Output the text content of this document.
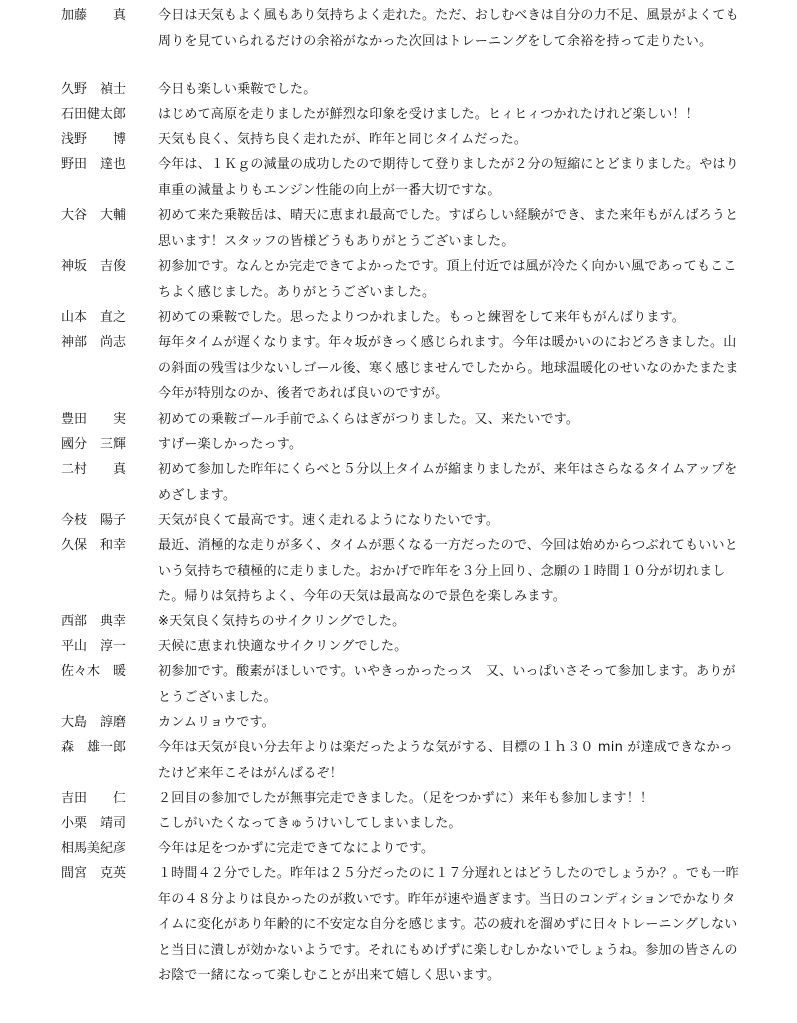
加藤　　真	今日は天気もよく風もあり気持ちよく走れた。ただ、おしむべきは自分の力不足、風景がよくても周りを見ていられるだけの余裕がなかった次回はトレーニングをして余裕を持って走りたい。

久野　禎士	今日も楽しい乗鞍でした。

石田健太郎	はじめて高原を走りましたが鮮烈な印象を受けました。ヒィヒィつかれたけれど楽しい！！

浅野　　博	天気も良く、気持ち良く走れたが、昨年と同じタイムだった。

野田　達也	今年は、１Ｋｇの減量の成功したので期待して登りましたが２分の短縮にとどまりました。やはり車重の減量よりもエンジン性能の向上が一番大切ですな。

大谷　大輔	初めて来た乗鞍岳は、晴天に恵まれ最高でした。すばらしい経験ができ、また来年もがんばろうと思います！スタッフの皆様どうもありがとうございました。

神坂　吉俊	初参加です。なんとか完走できてよかったです。頂上付近では風が冷たく向かい風であってもここちよく感じました。ありがとうございました。

山本　直之	初めての乗鞍でした。思ったよりつかれました。もっと練習をして来年もがんばります。

神部　尚志	毎年タイムが遅くなります。年々坂がきっく感じられます。今年は暖かいのにおどろきました。山の斜面の残雪は少ないしゴール後、寒く感じませんでしたから。地球温暖化のせいなのかたまたま今年が特別なのか、後者であれば良いのですが。

豊田　　実	初めての乗鞍ゴール手前でふくらはぎがつりました。又、来たいです。

國分　三輝	すげー楽しかったっす。

二村　　真	初めて参加した昨年にくらべと５分以上タイムが縮まりましたが、来年はさらなるタイムアップをめざします。

今枝　陽子	天気が良くて最高です。速く走れるようになりたいです。

久保　和幸	最近、消極的な走りが多く、タイムが悪くなる一方だったので、今回は始めからつぶれてもいいという気持ちで積極的に走りました。おかげで昨年を３分上回り、念願の１時間１０分が切れました。帰りは気持ちよく、今年の天気は最高なので景色を楽しみます。

西部　典幸	※天気良く気持ちのサイクリングでした。

平山　淳一	天候に恵まれ快適なサイクリングでした。

佐々木　暖	初参加です。酸素がほしいです。いやきっかったっス　又、いっぱいさそって参加します。ありがとうございました。

大島　諄磨	カンムリョウです。

森　雄一郎	今年は天気が良い分去年よりは楽だったような気がする、目標の１ｈ３０ min が達成できなかったけど来年こそはがんばるぞ！

吉田　　仁	２回目の参加でしたが無事完走できました。（足をつかずに）来年も参加します！！

小栗　靖司	こしがいたくなってきゅうけいしてしまいました。

相馬美紀彦	今年は足をつかずに完走できてなによりです。

間宮　克英	１時間４２分でした。昨年は２５分だったのに１７分遅れとはどうしたのでしょうか？。でも一昨年の４８分よりは良かったのが救いです。昨年が速や過ぎます。当日のコンディションでかなりタイムに変化があり年齢的に不安定な自分を感じます。芯の疲れを溜めずに日々トレーニングしないと当日に潰しが効かないようです。それにもめげずに楽しむしかないでしょうね。参加の皆さんのお陰で一緒になって楽しむことが出来て嬉しく思います。
